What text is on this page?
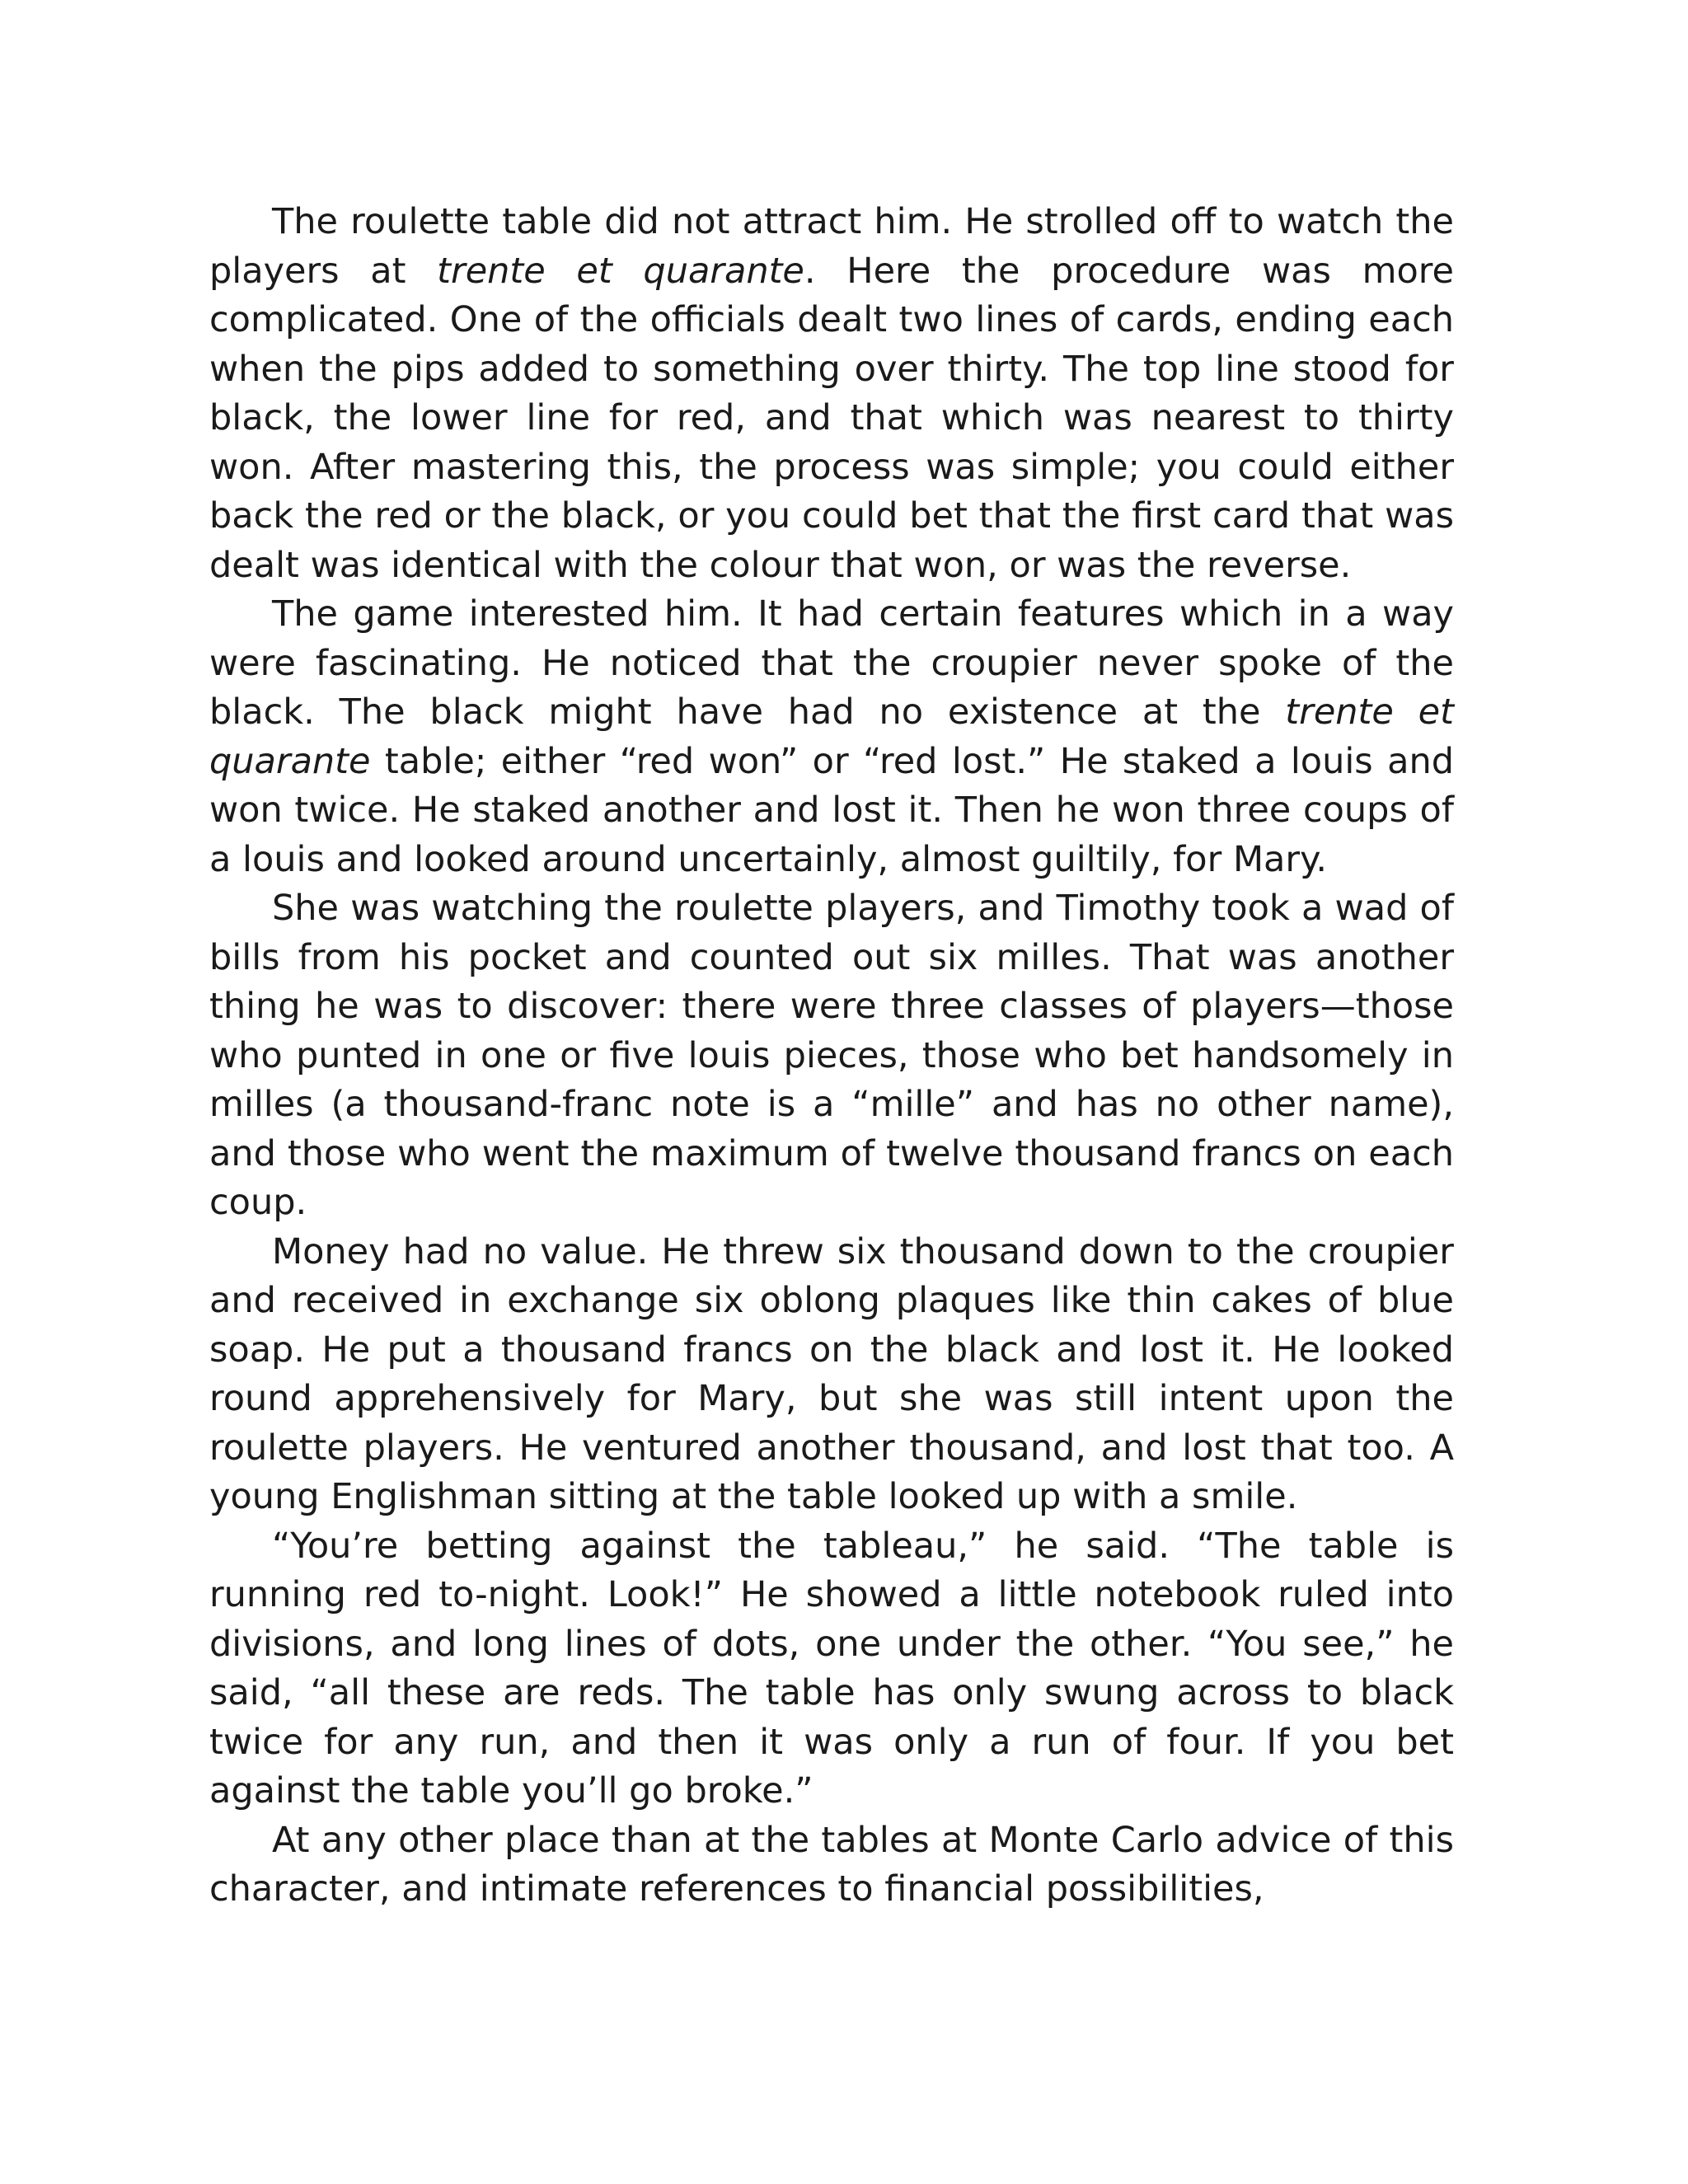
The roulette table did not attract him. He strolled off to watch the players at trente et quarante. Here the procedure was more complicated. One of the officials dealt two lines of cards, ending each when the pips added to something over thirty. The top line stood for black, the lower line for red, and that which was nearest to thirty won. After mastering this, the process was simple; you could either back the red or the black, or you could bet that the first card that was dealt was identical with the colour that won, or was the reverse.

The game interested him. It had certain features which in a way were fascinating. He noticed that the croupier never spoke of the black. The black might have had no existence at the trente et quarante table; either “red won” or “red lost.” He staked a louis and won twice. He staked another and lost it. Then he won three coups of a louis and looked around uncertainly, almost guiltily, for Mary.

She was watching the roulette players, and Timothy took a wad of bills from his pocket and counted out six milles. That was another thing he was to discover: there were three classes of players—those who punted in one or five louis pieces, those who bet handsomely in milles (a thousand-franc note is a “mille” and has no other name), and those who went the maximum of twelve thousand francs on each coup.

Money had no value. He threw six thousand down to the croupier and received in exchange six oblong plaques like thin cakes of blue soap. He put a thousand francs on the black and lost it. He looked round apprehensively for Mary, but she was still intent upon the roulette players. He ventured another thousand, and lost that too. A young Englishman sitting at the table looked up with a smile.

“You’re betting against the tableau,” he said. “The table is running red to-night. Look!” He showed a little notebook ruled into divisions, and long lines of dots, one under the other. “You see,” he said, “all these are reds. The table has only swung across to black twice for any run, and then it was only a run of four. If you bet against the table you’ll go broke.”

At any other place than at the tables at Monte Carlo advice of this character, and intimate references to financial possibilities,
